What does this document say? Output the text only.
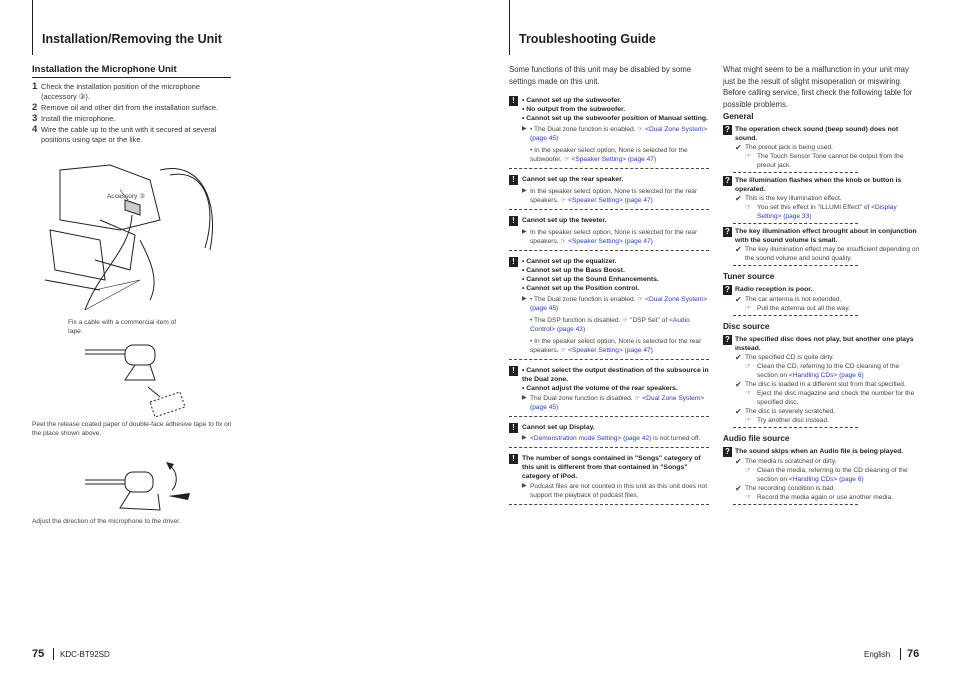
Installation/Removing the Unit
Installation the Microphone Unit
1 Check the installation position of the microphone (accessory ③).
2 Remove oil and other dirt from the installation surface.
3 Install the microphone.
4 Wire the cable up to the unit with it secured at several positions using tape or the like.
Accessory ③
Fix a cable with a commercial item of tape.
Peel the release coated paper of double-face adhesive tape to fix on the place shown above.
Adjust the direction of the microphone to the driver.
75 KDC-BT92SD
Troubleshooting Guide
Some functions of this unit may be disabled by some settings made on this unit.
!	• Cannot set up the subwoofer.
• No output from the subwoofer.
• Cannot set up the subwoofer position of Manual setting.
▶ • The Dual zone function is enabled. ☞ <Dual Zone System> (page 45)
• In the speaker select option, None is selected for the subwoofer. ☞ <Speaker Setting> (page 47)
!	Cannot set up the rear speaker.
▶ In the speaker select option, None is selected for the rear speakers. ☞ <Speaker Setting> (page 47)
!	Cannot set up the tweeter.
▶ In the speaker select option, None is selected for the rear speakers. ☞ <Speaker Setting> (page 47)
!	• Cannot set up the equalizer.
• Cannot set up the Bass Boost.
• Cannot set up the Sound Enhancements.
• Cannot set up the Position control.
▶ • The Dual zone function is enabled. ☞ <Dual Zone System> (page 45)
• The DSP function is disabled. ☞ "DSP Set" of <Audio Control> (page 43)
• In the speaker select option, None is selected for the rear speakers. ☞ <Speaker Setting> (page 47)
!	• Cannot select the output destination of the subsource in the Dual zone.
• Cannot adjust the volume of the rear speakers.
▶ The Dual zone function is disabled. ☞ <Dual Zone System> (page 45)
!	Cannot set up Display.
▶ <Demonstration mode Setting> (page 42) is not turned off.
!	The number of songs contained in "Songs" category of this unit is different from that contained in "Songs" category of iPod.
▶ Podcast files are not counted in this unit as this unit does not support the playback of podcast files.
What might seem to be a malfunction in your unit may just be the result of slight misoperation or miswiring. Before calling service, first check the following table for possible problems.
General
? The operation check sound (beep sound) does not sound.
✔ The preout jack is being used.
☞ The Touch Sensor Tone cannot be output from the preout jack.
? The illumination flashes when the knob or button is operated.
✔ This is the key illumination effect.
☞ You set this effect in "ILLUMI Effect" of <Display Setting> (page 33)
? The key illumination effect brought about in conjunction with the sound volume is small.
✔ The key illumination effect may be insufficient depending on the sound volume and sound quality.
Tuner source
? Radio reception is poor.
✔ The car antenna is not extended.
☞ Pull the antenna out all the way.
Disc source
? The specified disc does not play, but another one plays instead.
✔ The specified CD is quite dirty.
☞ Clean the CD, referring to the CD cleaning of the section on <Handling CDs> (page 6)
✔ The disc is loaded in a different slot from that specified.
☞ Eject the disc magazine and check the number for the specified disc.
✔ The disc is severely scratched.
☞ Try another disc instead.
Audio file source
? The sound skips when an Audio file is being played.
✔ The media is scratched or dirty.
☞ Clean the media, referring to the CD cleaning of the section on <Handling CDs> (page 6)
✔ The recording condition is bad.
☞ Record the media again or use another media.
English 76
